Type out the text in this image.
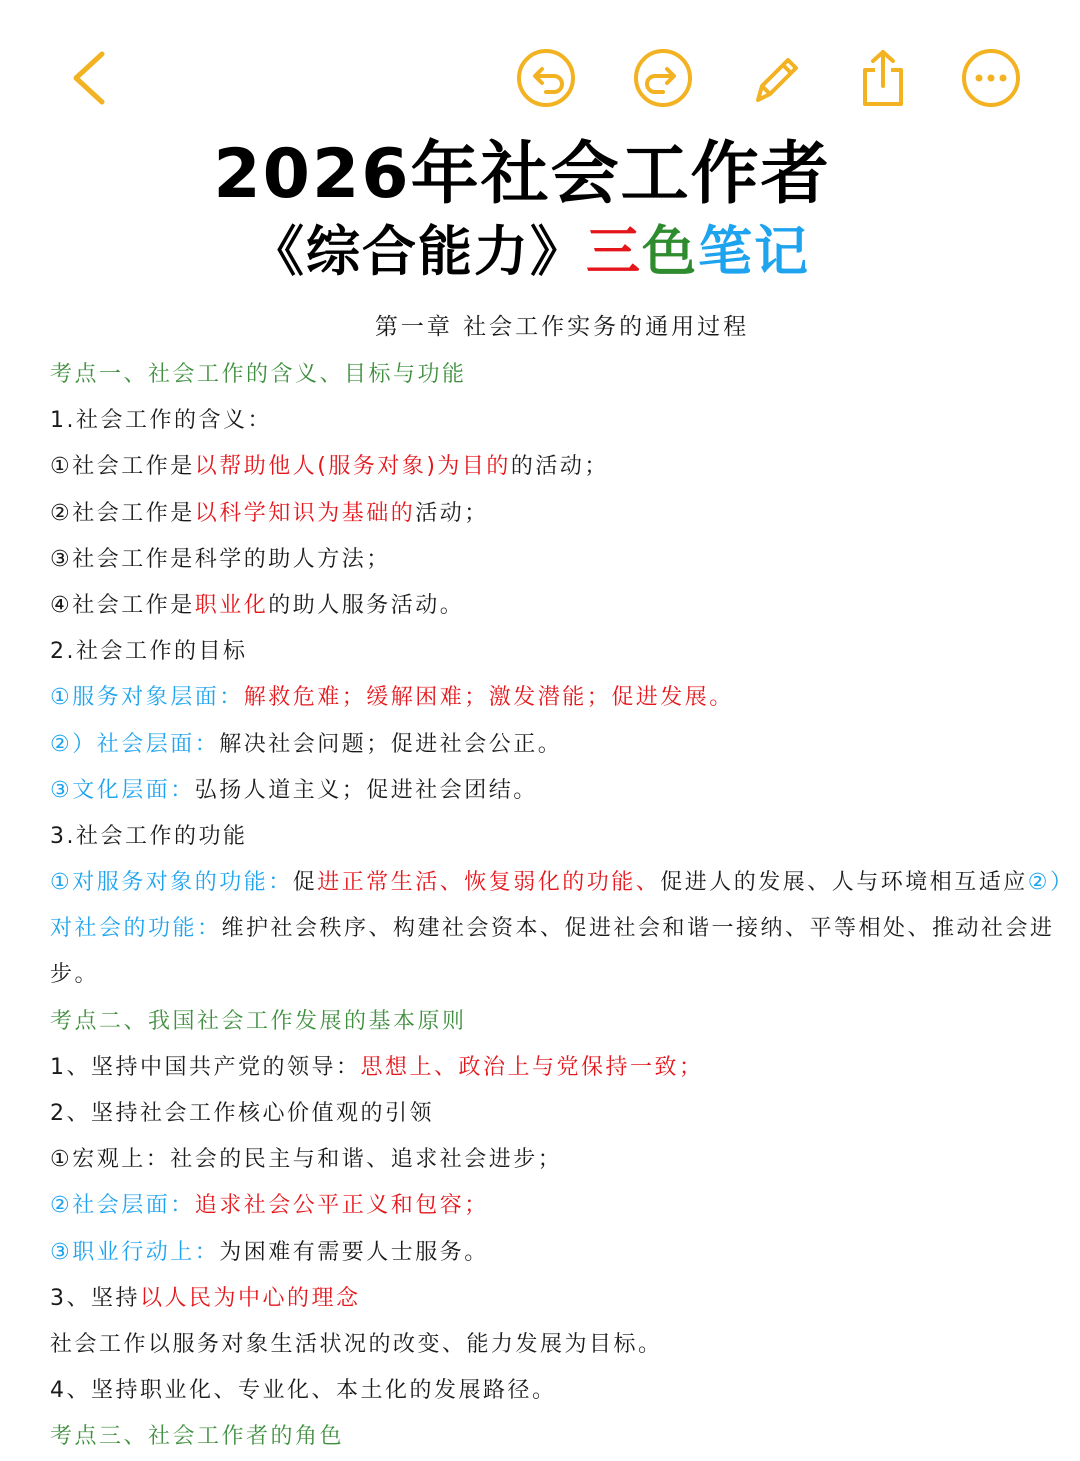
2026年社会工作者
《综合能力》三色笔记
第一章 社会工作实务的通用过程
考点一、社会工作的含义、目标与功能
1.社会工作的含义：
①社会工作是以帮助他人(服务对象)为目的的活动；
②社会工作是以科学知识为基础的活动；
③社会工作是科学的助人方法；
④社会工作是职业化的助人服务活动。
2.社会工作的目标
①服务对象层面：解救危难；缓解困难；激发潜能；促进发展。
②）社会层面：解决社会问题；促进社会公正。
③文化层面：弘扬人道主义；促进社会团结。
3.社会工作的功能
①对服务对象的功能：促进正常生活、恢复弱化的功能、促进人的发展、人与环境相互适应②）对社会的功能：维护社会秩序、构建社会资本、促进社会和谐一接纳、平等相处、推动社会进步。
考点二、我国社会工作发展的基本原则
1、坚持中国共产党的领导：思想上、政治上与党保持一致；
2、坚持社会工作核心价值观的引领
①宏观上：社会的民主与和谐、追求社会进步；
②社会层面：追求社会公平正义和包容；
③职业行动上：为困难有需要人士服务。
3、坚持以人民为中心的理念
社会工作以服务对象生活状况的改变、能力发展为目标。
4、坚持职业化、专业化、本土化的发展路径。
考点三、社会工作者的角色
